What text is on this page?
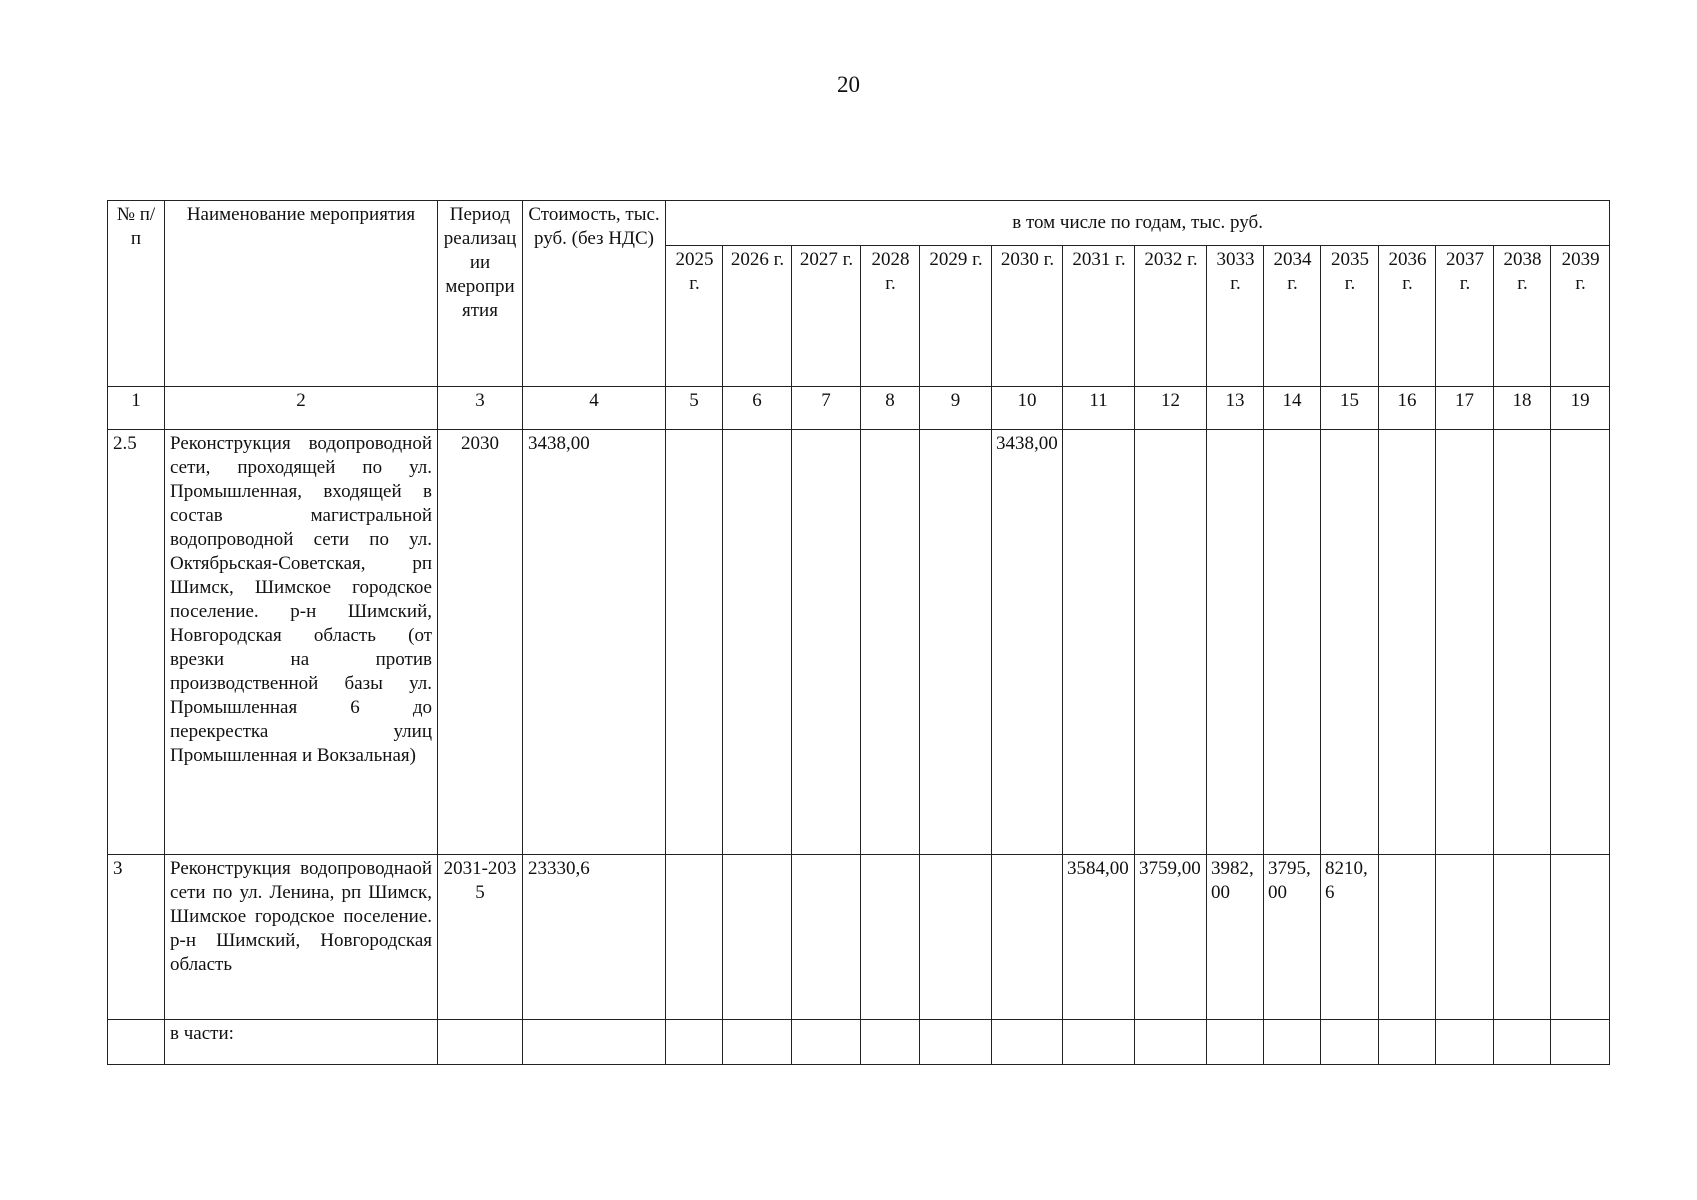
20
№ п/п	Наименование мероприятия	Период реализации мероприятия	Стоимость, тыс. руб. (без НДС)	в том числе по годам, тыс. руб.														
				2025 г.	2026 г.	2027 г.	2028 г.	2029 г.	2030 г.	2031 г.	2032 г.	3033 г.	2034 г.	2035 г.	2036 г.	2037 г.	2038 г.	2039 г.
1	2	3	4	5	6	7	8	9	10	11	12	13	14	15	16	17	18	19
2.5	Реконструкция водопроводной сети, проходящей по ул. Промышленная, входящей в состав магистральной водопроводной сети по ул. Октябрьская-Советская, рп Шимск, Шимское городское поселение. р-н Шимский, Новгородская область (от врезки на против производственной базы ул. Промышленная 6 до перекрестка улиц Промышленная и Вокзальная)	2030	3438,00						3438,00									
3	Реконструкция водопроводнаой сети по ул. Ленина, рп Шимск, Шимское городское поселение. р-н Шимский, Новгородская область	2031-2035	23330,6							3584,00	3759,00	3982,00	3795,00	8210,6				
	в части:																	
